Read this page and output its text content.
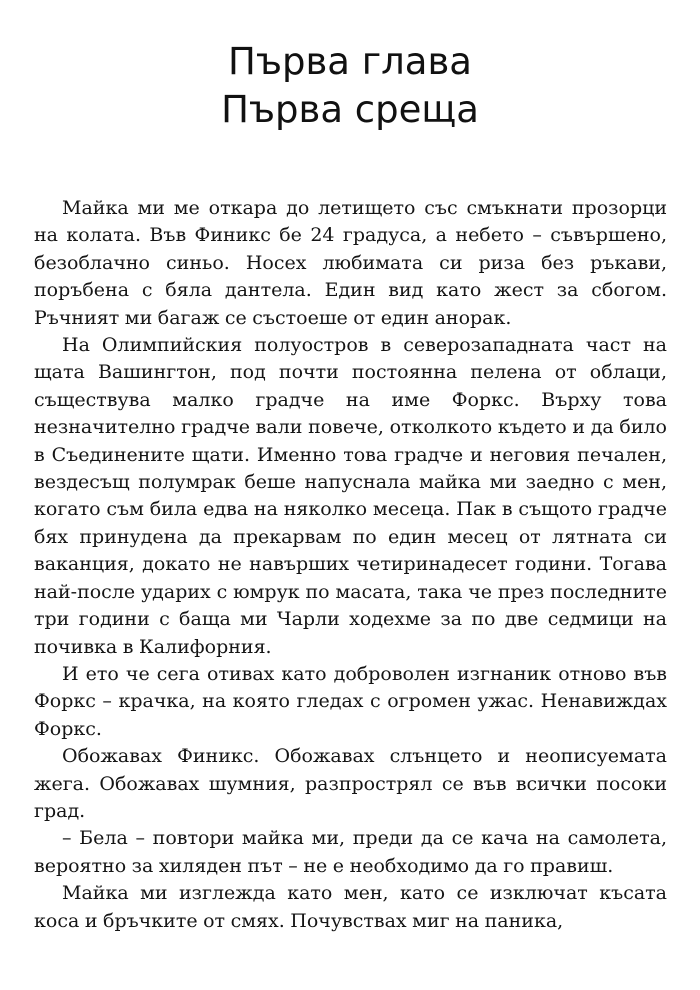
Първа глава
Първа среща

Майка ми ме откара до летището със смъкнати прозорци на колата. Във Финикс бе 24 градуса, а небето – съвършено, безоблачно синьо. Носех любимата си риза без ръкави, поръбена с бяла дантела. Един вид като жест за сбогом. Ръчният ми багаж се състоеше от един анорак.

На Олимпийския полуостров в северозападната част на щата Вашингтон, под почти постоянна пелена от облаци, съществува малко градче на име Форкс. Върху това незначително градче вали повече, отколкото където и да било в Съединените щати. Именно това градче и неговия печален, вездесъщ полумрак беше напуснала майка ми заедно с мен, когато съм била едва на няколко месеца. Пак в същото градче бях принудена да прекарвам по един месец от лятната си ваканция, докато не навърших четиринадесет години. Тогава най-после ударих с юмрук по масата, така че през последните три години с баща ми Чарли ходехме за по две седмици на почивка в Калифорния.

И ето че сега отивах като доброволен изгнаник отново във Форкс – крачка, на която гледах с огромен ужас. Ненавиждах Форкс.

Обожавах Финикс. Обожавах слънцето и неописуемата жега. Обожавах шумния, разпрострял се във всички посоки град.

– Бела – повтори майка ми, преди да се кача на самолета, вероятно за хиляден път – не е необходимо да го правиш.

Майка ми изглежда като мен, като се изключат късата коса и бръчките от смях. Почувствах миг на паника,
